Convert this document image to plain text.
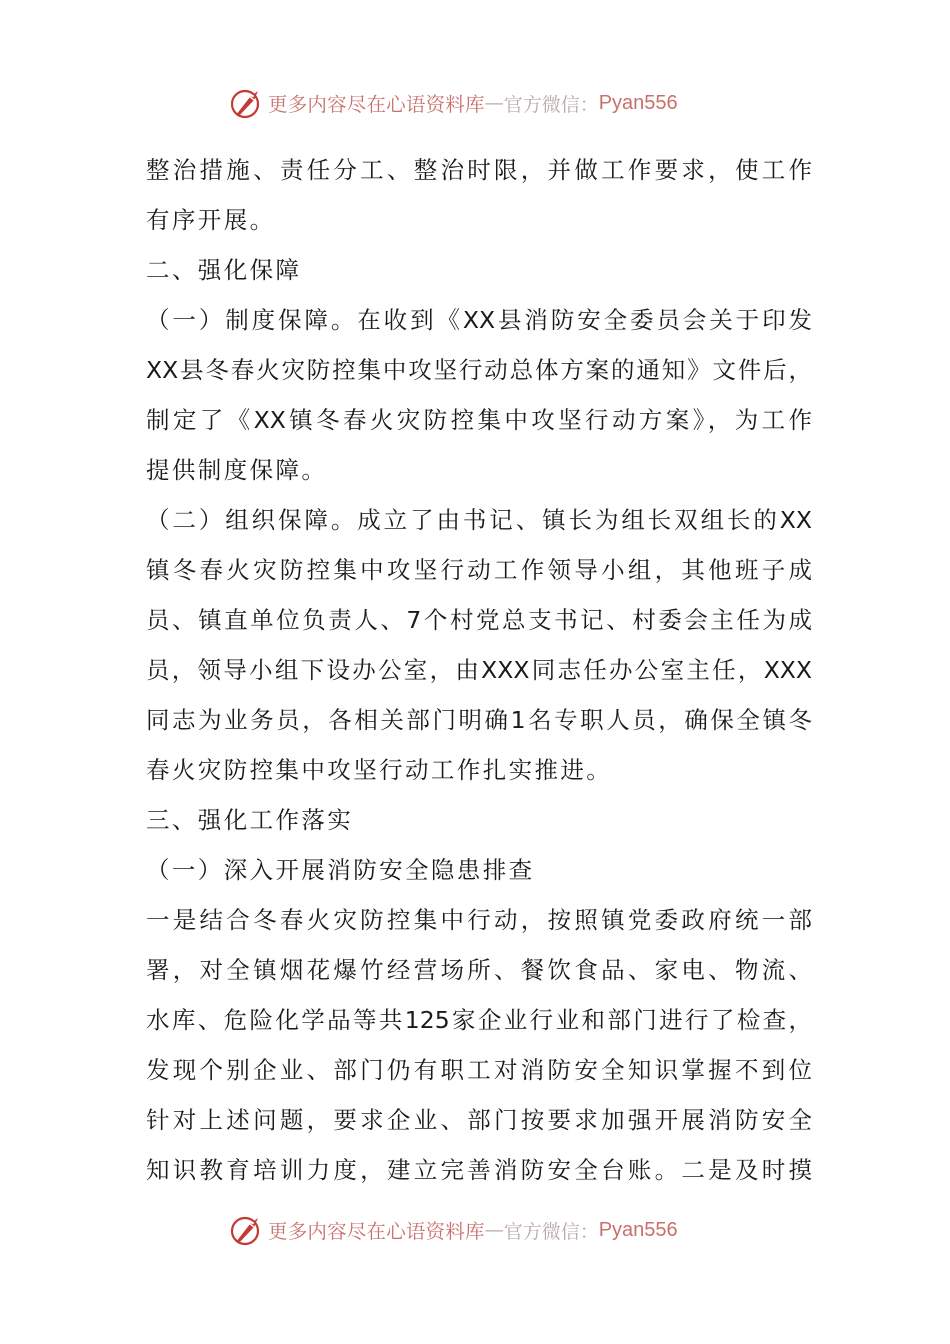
更多内容尽在心语资料库 — 官方微信： Pyan556
整治措施、责任分工、整治时限，并做工作要求，使工作
有序开展。
二、强化保障
（一）制度保障。在收到《XX县消防安全委员会关于印发
XX县冬春火灾防控集中攻坚行动总体方案的通知》文件后，
制定了《XX镇冬春火灾防控集中攻坚行动方案》，为工作
提供制度保障。
（二）组织保障。成立了由书记、镇长为组长双组长的XX
镇冬春火灾防控集中攻坚行动工作领导小组，其他班子成
员、镇直单位负责人、7个村党总支书记、村委会主任为成
员，领导小组下设办公室，由XXX同志任办公室主任，XXX
同志为业务员，各相关部门明确1名专职人员，确保全镇冬
春火灾防控集中攻坚行动工作扎实推进。
三、强化工作落实
（一）深入开展消防安全隐患排查
一是结合冬春火灾防控集中行动，按照镇党委政府统一部
署，对全镇烟花爆竹经营场所、餐饮食品、家电、物流、
水库、危险化学品等共125家企业行业和部门进行了检查，
发现个别企业、部门仍有职工对消防安全知识掌握不到位
针对上述问题，要求企业、部门按要求加强开展消防安全
知识教育培训力度，建立完善消防安全台账。二是及时摸
更多内容尽在心语资料库 — 官方微信： Pyan556
